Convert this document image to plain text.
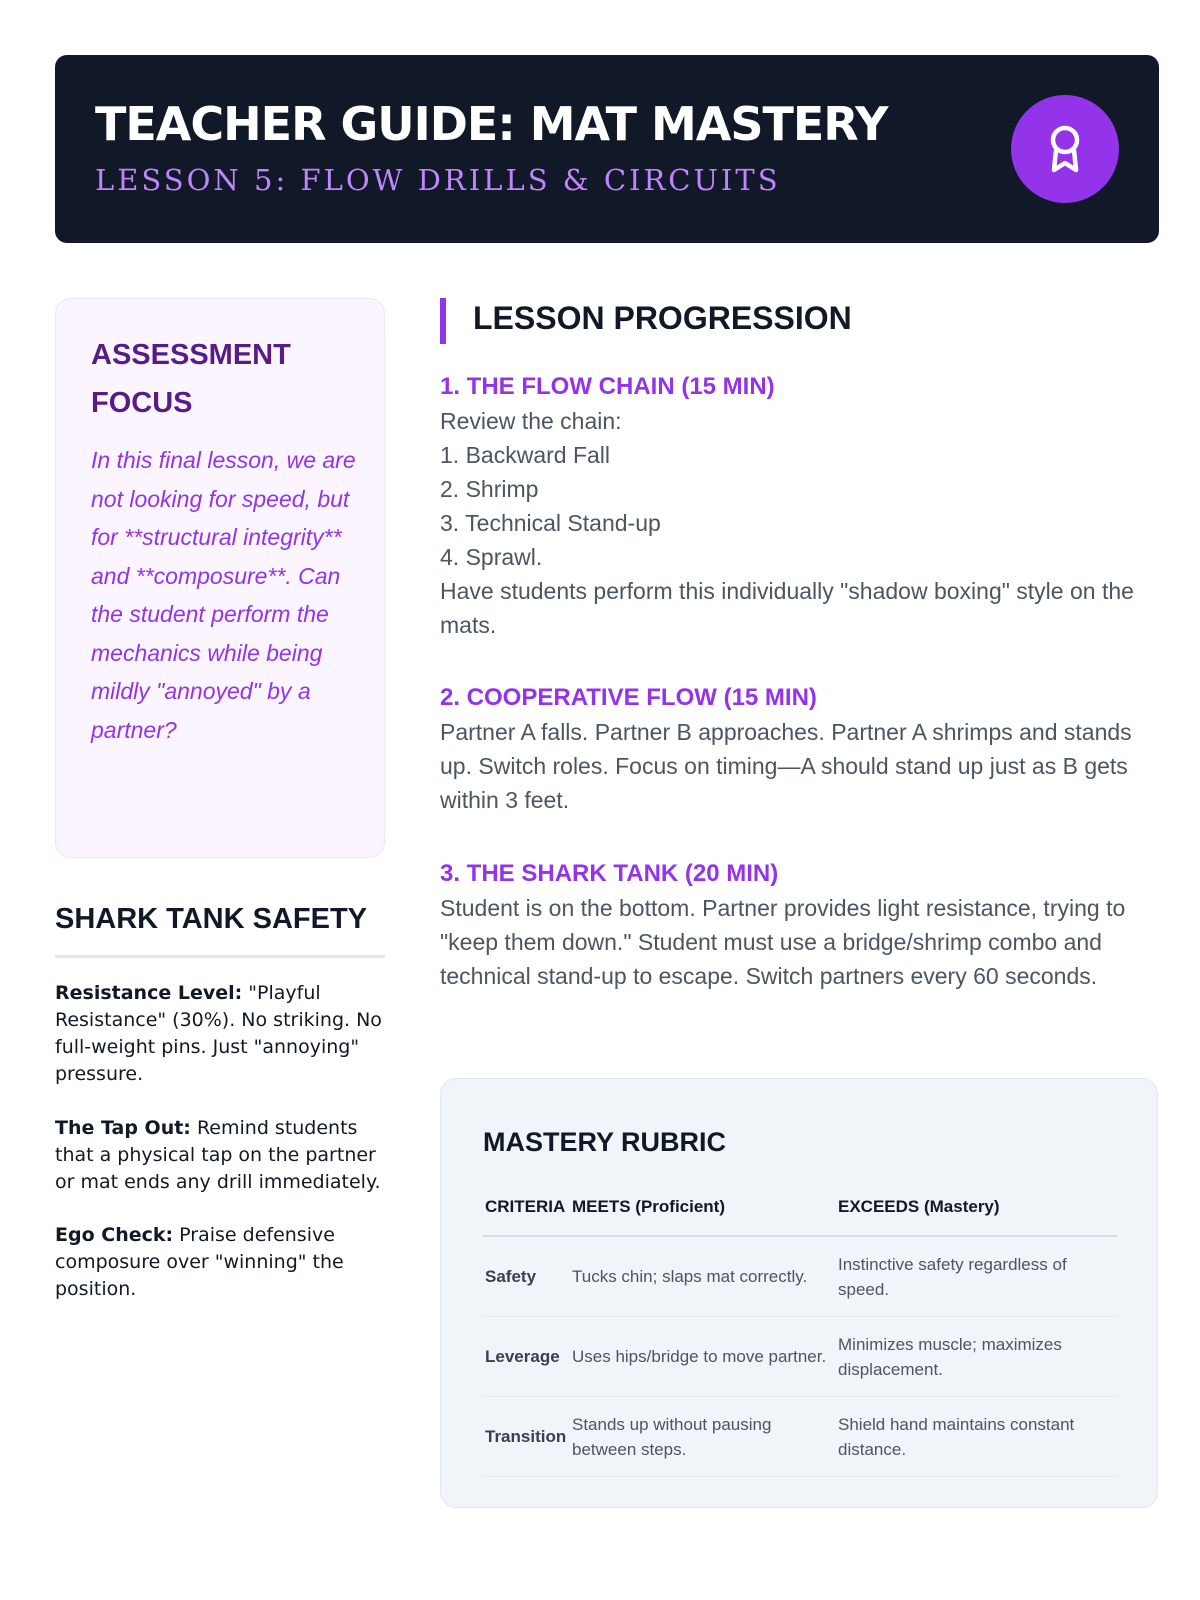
TEACHER GUIDE: MAT MASTERY
LESSON 5: FLOW DRILLS & CIRCUITS
ASSESSMENT FOCUS
In this final lesson, we are not looking for speed, but for **structural integrity** and **composure**. Can the student perform the mechanics while being mildly "annoyed" by a partner?
SHARK TANK SAFETY
Resistance Level: "Playful Resistance" (30%). No striking. No full-weight pins. Just "annoying" pressure.
The Tap Out: Remind students that a physical tap on the partner or mat ends any drill immediately.
Ego Check: Praise defensive composure over "winning" the position.
LESSON PROGRESSION
1. THE FLOW CHAIN (15 MIN)
Review the chain:
1. Backward Fall
2. Shrimp
3. Technical Stand-up
4. Sprawl.
Have students perform this individually "shadow boxing" style on the mats.
2. COOPERATIVE FLOW (15 MIN)
Partner A falls. Partner B approaches. Partner A shrimps and stands up. Switch roles. Focus on timing—A should stand up just as B gets within 3 feet.
3. THE SHARK TANK (20 MIN)
Student is on the bottom. Partner provides light resistance, trying to "keep them down." Student must use a bridge/shrimp combo and technical stand-up to escape. Switch partners every 60 seconds.
MASTERY RUBRIC
CRITERIA	MEETS (Proficient)	EXCEEDS (Mastery)
Safety	Tucks chin; slaps mat correctly.	Instinctive safety regardless of speed.
Leverage	Uses hips/bridge to move partner.	Minimizes muscle; maximizes displacement.
Transition	Stands up without pausing between steps.	Shield hand maintains constant distance.
